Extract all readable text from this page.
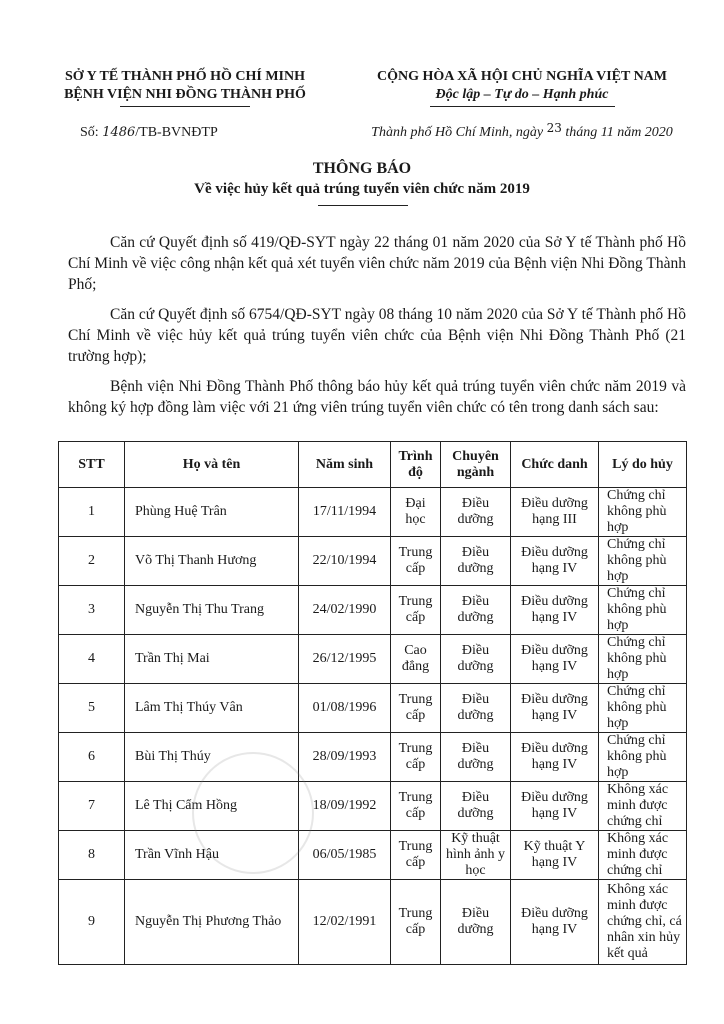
SỞ Y TẾ THÀNH PHỐ HỒ CHÍ MINH
BỆNH VIỆN NHI ĐỒNG THÀNH PHỐ
CỘNG HÒA XÃ HỘI CHỦ NGHĨA VIỆT NAM
Độc lập – Tự do – Hạnh phúc
Số: 1486/TB-BVNĐTP	Thành phố Hồ Chí Minh, ngày 23 tháng 11 năm 2020
THÔNG BÁO
Về việc hủy kết quả trúng tuyển viên chức năm 2019

Căn cứ Quyết định số 419/QĐ-SYT ngày 22 tháng 01 năm 2020 của Sở Y tế Thành phố Hồ Chí Minh về việc công nhận kết quả xét tuyển viên chức năm 2019 của Bệnh viện Nhi Đồng Thành Phố;

Căn cứ Quyết định số 6754/QĐ-SYT ngày 08 tháng 10 năm 2020 của Sở Y tế Thành phố Hồ Chí Minh về việc hủy kết quả trúng tuyển viên chức của Bệnh viện Nhi Đồng Thành Phố (21 trường hợp);

Bệnh viện Nhi Đồng Thành Phố thông báo hủy kết quả trúng tuyển viên chức năm 2019 và không ký hợp đồng làm việc với 21 ứng viên trúng tuyển viên chức có tên trong danh sách sau:

STT	Họ và tên	Năm sinh	Trình độ	Chuyên ngành	Chức danh	Lý do hủy
1	Phùng Huệ Trân	17/11/1994	Đại học	Điều dưỡng	Điều dưỡng hạng III	Chứng chỉ không phù hợp
2	Võ Thị Thanh Hương	22/10/1994	Trung cấp	Điều dưỡng	Điều dưỡng hạng IV	Chứng chỉ không phù hợp
3	Nguyễn Thị Thu Trang	24/02/1990	Trung cấp	Điều dưỡng	Điều dưỡng hạng IV	Chứng chỉ không phù hợp
4	Trần Thị Mai	26/12/1995	Cao đẳng	Điều dưỡng	Điều dưỡng hạng IV	Chứng chỉ không phù hợp
5	Lâm Thị Thúy Vân	01/08/1996	Trung cấp	Điều dưỡng	Điều dưỡng hạng IV	Chứng chỉ không phù hợp
6	Bùi Thị Thúy	28/09/1993	Trung cấp	Điều dưỡng	Điều dưỡng hạng IV	Chứng chỉ không phù hợp
7	Lê Thị Cẩm Hồng	18/09/1992	Trung cấp	Điều dưỡng	Điều dưỡng hạng IV	Không xác minh được chứng chỉ
8	Trần Vĩnh Hậu	06/05/1985	Trung cấp	Kỹ thuật hình ảnh y học	Kỹ thuật Y hạng IV	Không xác minh được chứng chỉ
9	Nguyễn Thị Phương Thảo	12/02/1991	Trung cấp	Điều dưỡng	Điều dưỡng hạng IV	Không xác minh được chứng chỉ, cá nhân xin hủy kết quả
